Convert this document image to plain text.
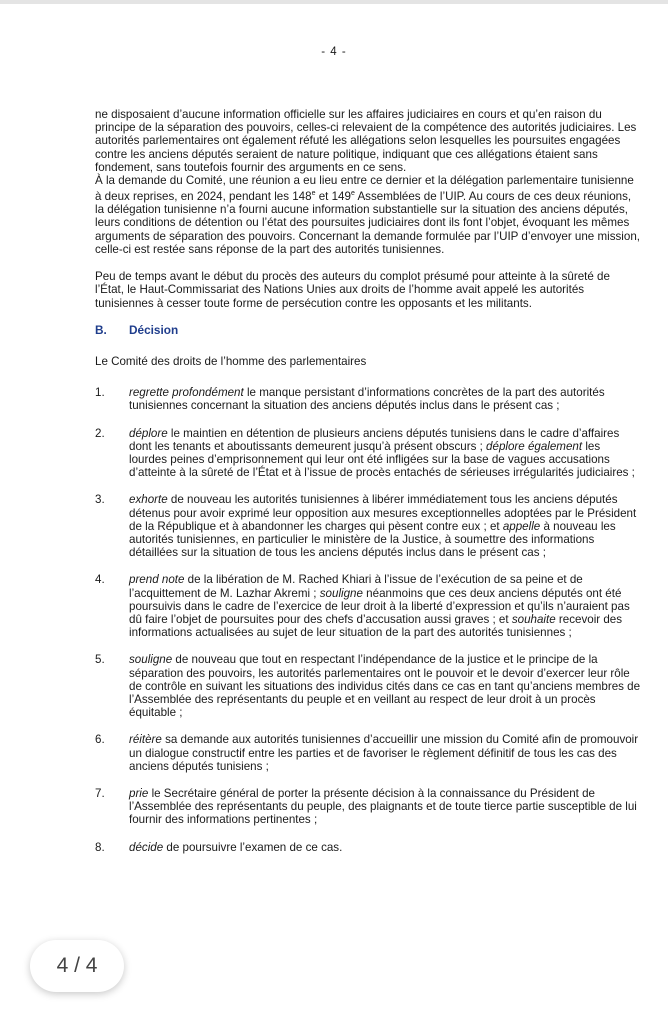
- 4 -

ne disposaient d’aucune information officielle sur les affaires judiciaires en cours et qu’en raison du principe de la séparation des pouvoirs, celles-ci relevaient de la compétence des autorités judiciaires. Les autorités parlementaires ont également réfuté les allégations selon lesquelles les poursuites engagées contre les anciens députés seraient de nature politique, indiquant que ces allégations étaient sans fondement, sans toutefois fournir des arguments en ce sens.
À la demande du Comité, une réunion a eu lieu entre ce dernier et la délégation parlementaire tunisienne à deux reprises, en 2024, pendant les 148e et 149e Assemblées de l’UIP. Au cours de ces deux réunions, la délégation tunisienne n’a fourni aucune information substantielle sur la situation des anciens députés, leurs conditions de détention ou l’état des poursuites judiciaires dont ils font l’objet, évoquant les mêmes arguments de séparation des pouvoirs. Concernant la demande formulée par l’UIP d’envoyer une mission, celle-ci est restée sans réponse de la part des autorités tunisiennes.

Peu de temps avant le début du procès des auteurs du complot présumé pour atteinte à la sûreté de l’État, le Haut-Commissariat des Nations Unies aux droits de l’homme avait appelé les autorités tunisiennes à cesser toute forme de persécution contre les opposants et les militants.

B.	Décision

Le Comité des droits de l’homme des parlementaires

1.	regrette profondément le manque persistant d’informations concrètes de la part des autorités tunisiennes concernant la situation des anciens députés inclus dans le présent cas ;
2.	déplore le maintien en détention de plusieurs anciens députés tunisiens dans le cadre d’affaires dont les tenants et aboutissants demeurent jusqu’à présent obscurs ; déplore également les lourdes peines d’emprisonnement qui leur ont été infligées sur la base de vagues accusations d’atteinte à la sûreté de l’État et à l’issue de procès entachés de sérieuses irrégularités judiciaires ;
3.	exhorte de nouveau les autorités tunisiennes à libérer immédiatement tous les anciens députés détenus pour avoir exprimé leur opposition aux mesures exceptionnelles adoptées par le Président de la République et à abandonner les charges qui pèsent contre eux ; et appelle à nouveau les autorités tunisiennes, en particulier le ministère de la Justice, à soumettre des informations détaillées sur la situation de tous les anciens députés inclus dans le présent cas ;
4.	prend note de la libération de M. Rached Khiari à l’issue de l’exécution de sa peine et de l’acquittement de M. Lazhar Akremi ; souligne néanmoins que ces deux anciens députés ont été poursuivis dans le cadre de l’exercice de leur droit à la liberté d’expression et qu’ils n’auraient pas dû faire l’objet de poursuites pour des chefs d’accusation aussi graves ; et souhaite recevoir des informations actualisées au sujet de leur situation de la part des autorités tunisiennes ;
5.	souligne de nouveau que tout en respectant l’indépendance de la justice et le principe de la séparation des pouvoirs, les autorités parlementaires ont le pouvoir et le devoir d’exercer leur rôle de contrôle en suivant les situations des individus cités dans ce cas en tant qu’anciens membres de l’Assemblée des représentants du peuple et en veillant au respect de leur droit à un procès équitable ;
6.	réitère sa demande aux autorités tunisiennes d’accueillir une mission du Comité afin de promouvoir un dialogue constructif entre les parties et de favoriser le règlement définitif de tous les cas des anciens députés tunisiens ;
7.	prie le Secrétaire général de porter la présente décision à la connaissance du Président de l’Assemblée des représentants du peuple, des plaignants et de toute tierce partie susceptible de lui fournir des informations pertinentes ;
8.	décide de poursuivre l’examen de ce cas.
4 / 4
